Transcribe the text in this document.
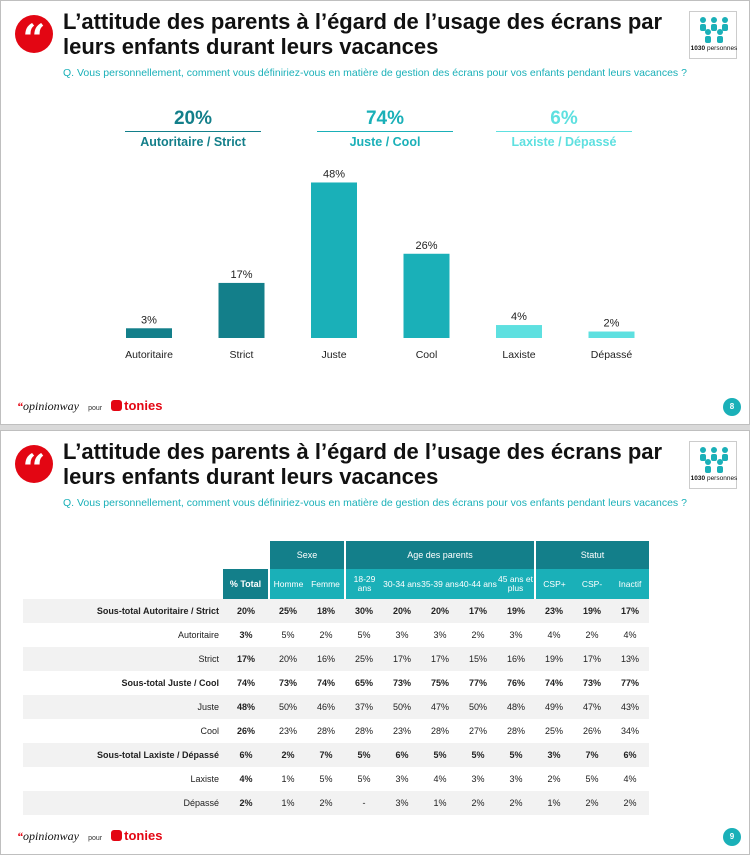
“ L’attitude des parents à l’égard de l’usage des écrans par leurs enfants durant leurs vacances
Q. Vous personnellement, comment vous définiriez-vous en matière de gestion des écrans pour vos enfants pendant leurs vacances ?
1030 personnes
20%
Autoritaire / Strict
74%
Juste / Cool
6%
Laxiste / Dépassé
3%
Autoritaire
17%
Strict
48%
Juste
26%
Cool
4%
Laxiste
2%
Dépassé
“opinionway pour tonies	8
“ L’attitude des parents à l’égard de l’usage des écrans par leurs enfants durant leurs vacances
Q. Vous personnellement, comment vous définiriez-vous en matière de gestion des écrans pour vos enfants pendant leurs vacances ?
1030 personnes
		Sexe		Age des parents					Statut		
	% Total	Homme	Femme	18-29 ans	30-34 ans	35-39 ans	40-44 ans	45 ans et plus	CSP+	CSP-	Inactif
Sous-total Autoritaire / Strict	20%	25%	18%	30%	20%	20%	17%	19%	23%	19%	17%
Autoritaire	3%	5%	2%	5%	3%	3%	2%	3%	4%	2%	4%
Strict	17%	20%	16%	25%	17%	17%	15%	16%	19%	17%	13%
Sous-total Juste / Cool	74%	73%	74%	65%	73%	75%	77%	76%	74%	73%	77%
Juste	48%	50%	46%	37%	50%	47%	50%	48%	49%	47%	43%
Cool	26%	23%	28%	28%	23%	28%	27%	28%	25%	26%	34%
Sous-total Laxiste / Dépassé	6%	2%	7%	5%	6%	5%	5%	5%	3%	7%	6%
Laxiste	4%	1%	5%	5%	3%	4%	3%	3%	2%	5%	4%
Dépassé	2%	1%	2%	-	3%	1%	2%	2%	1%	2%	2%
“opinionway pour tonies	9
